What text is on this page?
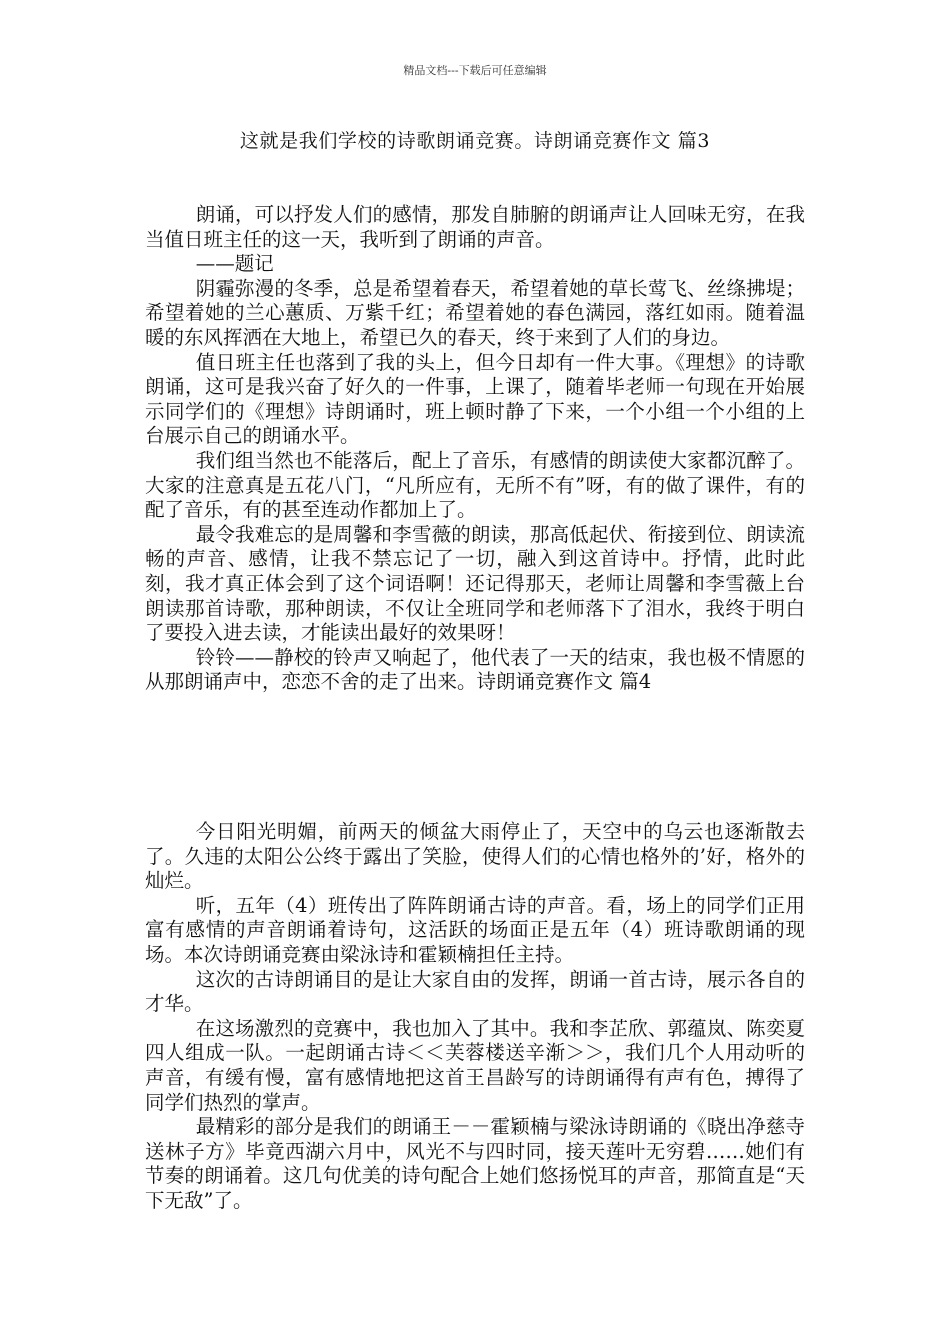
精品文档---下载后可任意编辑
这就是我们学校的诗歌朗诵竞赛。诗朗诵竞赛作文 篇3

朗诵，可以抒发人们的感情，那发自肺腑的朗诵声让人回味无穷，在我当值日班主任的这一天，我听到了朗诵的声音。

——题记

阴霾弥漫的冬季，总是希望着春天，希望着她的草长莺飞、丝绦拂堤；希望着她的兰心蕙质、万紫千红；希望着她的春色满园，落红如雨。随着温暖的东风挥洒在大地上，希望已久的春天，终于来到了人们的身边。

值日班主任也落到了我的头上，但今日却有一件大事。《理想》的诗歌朗诵，这可是我兴奋了好久的一件事，上课了，随着毕老师一句现在开始展示同学们的《理想》诗朗诵时，班上顿时静了下来，一个小组一个小组的上台展示自己的朗诵水平。

我们组当然也不能落后，配上了音乐，有感情的朗读使大家都沉醉了。大家的注意真是五花八门，“凡所应有，无所不有”呀，有的做了课件，有的配了音乐，有的甚至连动作都加上了。

最令我难忘的是周馨和李雪薇的朗读，那高低起伏、衔接到位、朗读流畅的声音、感情，让我不禁忘记了一切，融入到这首诗中。抒情，此时此刻，我才真正体会到了这个词语啊！还记得那天，老师让周馨和李雪薇上台朗读那首诗歌，那种朗读，不仅让全班同学和老师落下了泪水，我终于明白了要投入进去读，才能读出最好的效果呀！

铃铃——静校的铃声又响起了，他代表了一天的结束，我也极不情愿的从那朗诵声中，恋恋不舍的走了出来。诗朗诵竞赛作文 篇4

今日阳光明媚，前两天的倾盆大雨停止了，天空中的乌云也逐渐散去了。久违的太阳公公终于露出了笑脸，使得人们的心情也格外的’好，格外的灿烂。

听，五年（4）班传出了阵阵朗诵古诗的声音。看，场上的同学们正用富有感情的声音朗诵着诗句，这活跃的场面正是五年（4）班诗歌朗诵的现场。本次诗朗诵竞赛由梁泳诗和霍颖楠担任主持。

这次的古诗朗诵目的是让大家自由的发挥，朗诵一首古诗，展示各自的才华。

在这场激烈的竞赛中，我也加入了其中。我和李芷欣、郭蕴岚、陈奕夏四人组成一队。一起朗诵古诗＜＜芙蓉楼送辛渐＞＞，我们几个人用动听的声音，有缓有慢，富有感情地把这首王昌龄写的诗朗诵得有声有色，搏得了同学们热烈的掌声。

最精彩的部分是我们的朗诵王－－霍颖楠与梁泳诗朗诵的《晓出净慈寺送林子方》毕竟西湖六月中，风光不与四时同，接天莲叶无穷碧……她们有节奏的朗诵着。这几句优美的诗句配合上她们悠扬悦耳的声音，那简直是“天下无敌”了。
